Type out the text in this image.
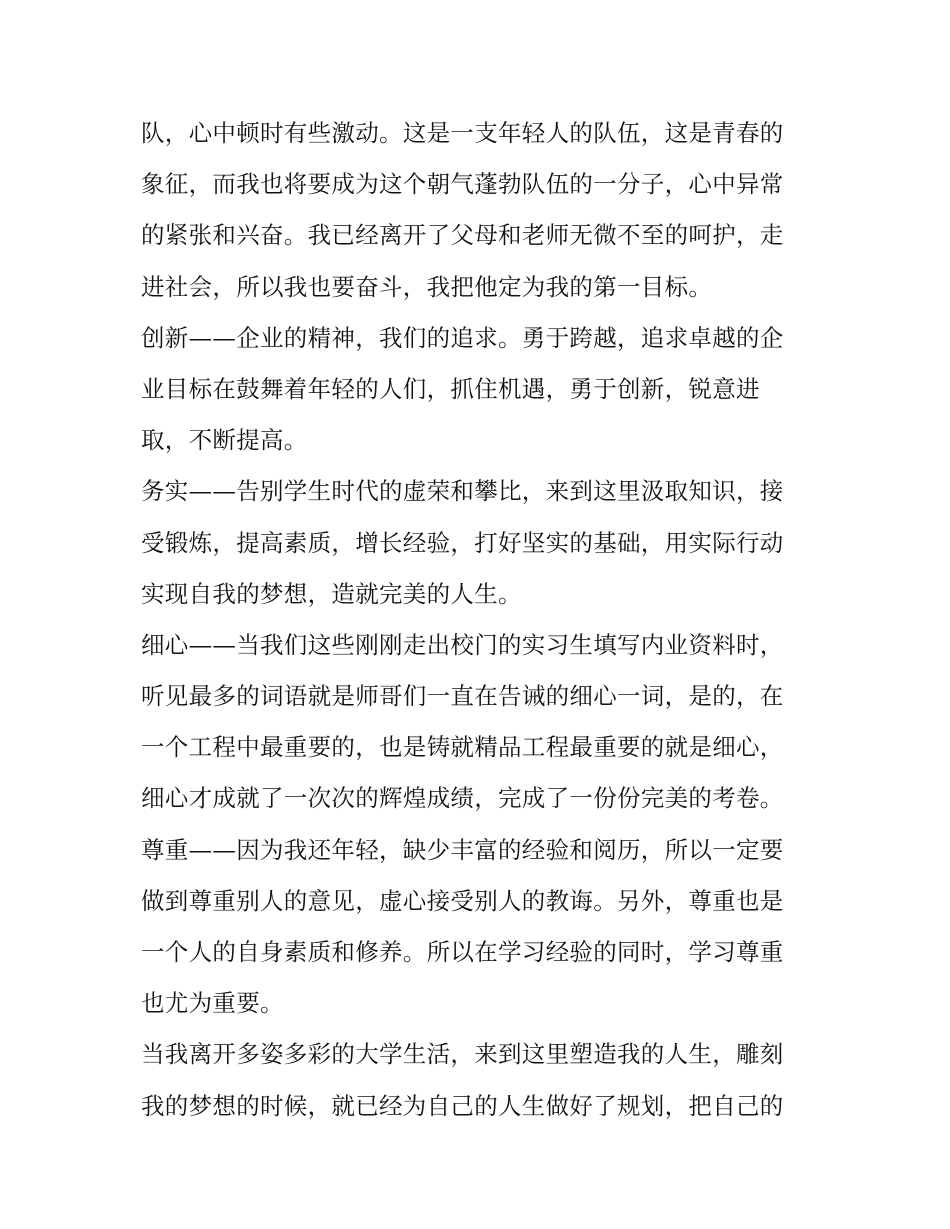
队，心中顿时有些激动。这是一支年轻人的队伍，这是青春的
象征，而我也将要成为这个朝气蓬勃队伍的一分子，心中异常
的紧张和兴奋。我已经离开了父母和老师无微不至的呵护，走
进社会，所以我也要奋斗，我把他定为我的第一目标。
创新——企业的精神，我们的追求。勇于跨越，追求卓越的企
业目标在鼓舞着年轻的人们，抓住机遇，勇于创新，锐意进
取，不断提高。
务实——告别学生时代的虚荣和攀比，来到这里汲取知识，接
受锻炼，提高素质，增长经验，打好坚实的基础，用实际行动
实现自我的梦想，造就完美的人生。
细心——当我们这些刚刚走出校门的实习生填写内业资料时，
听见最多的词语就是师哥们一直在告诫的细心一词，是的，在
一个工程中最重要的，也是铸就精品工程最重要的就是细心，
细心才成就了一次次的辉煌成绩，完成了一份份完美的考卷。
尊重——因为我还年轻，缺少丰富的经验和阅历，所以一定要
做到尊重别人的意见，虚心接受别人的教诲。另外，尊重也是
一个人的自身素质和修养。所以在学习经验的同时，学习尊重
也尤为重要。
当我离开多姿多彩的大学生活，来到这里塑造我的人生，雕刻
我的梦想的时候，就已经为自己的人生做好了规划，把自己的
